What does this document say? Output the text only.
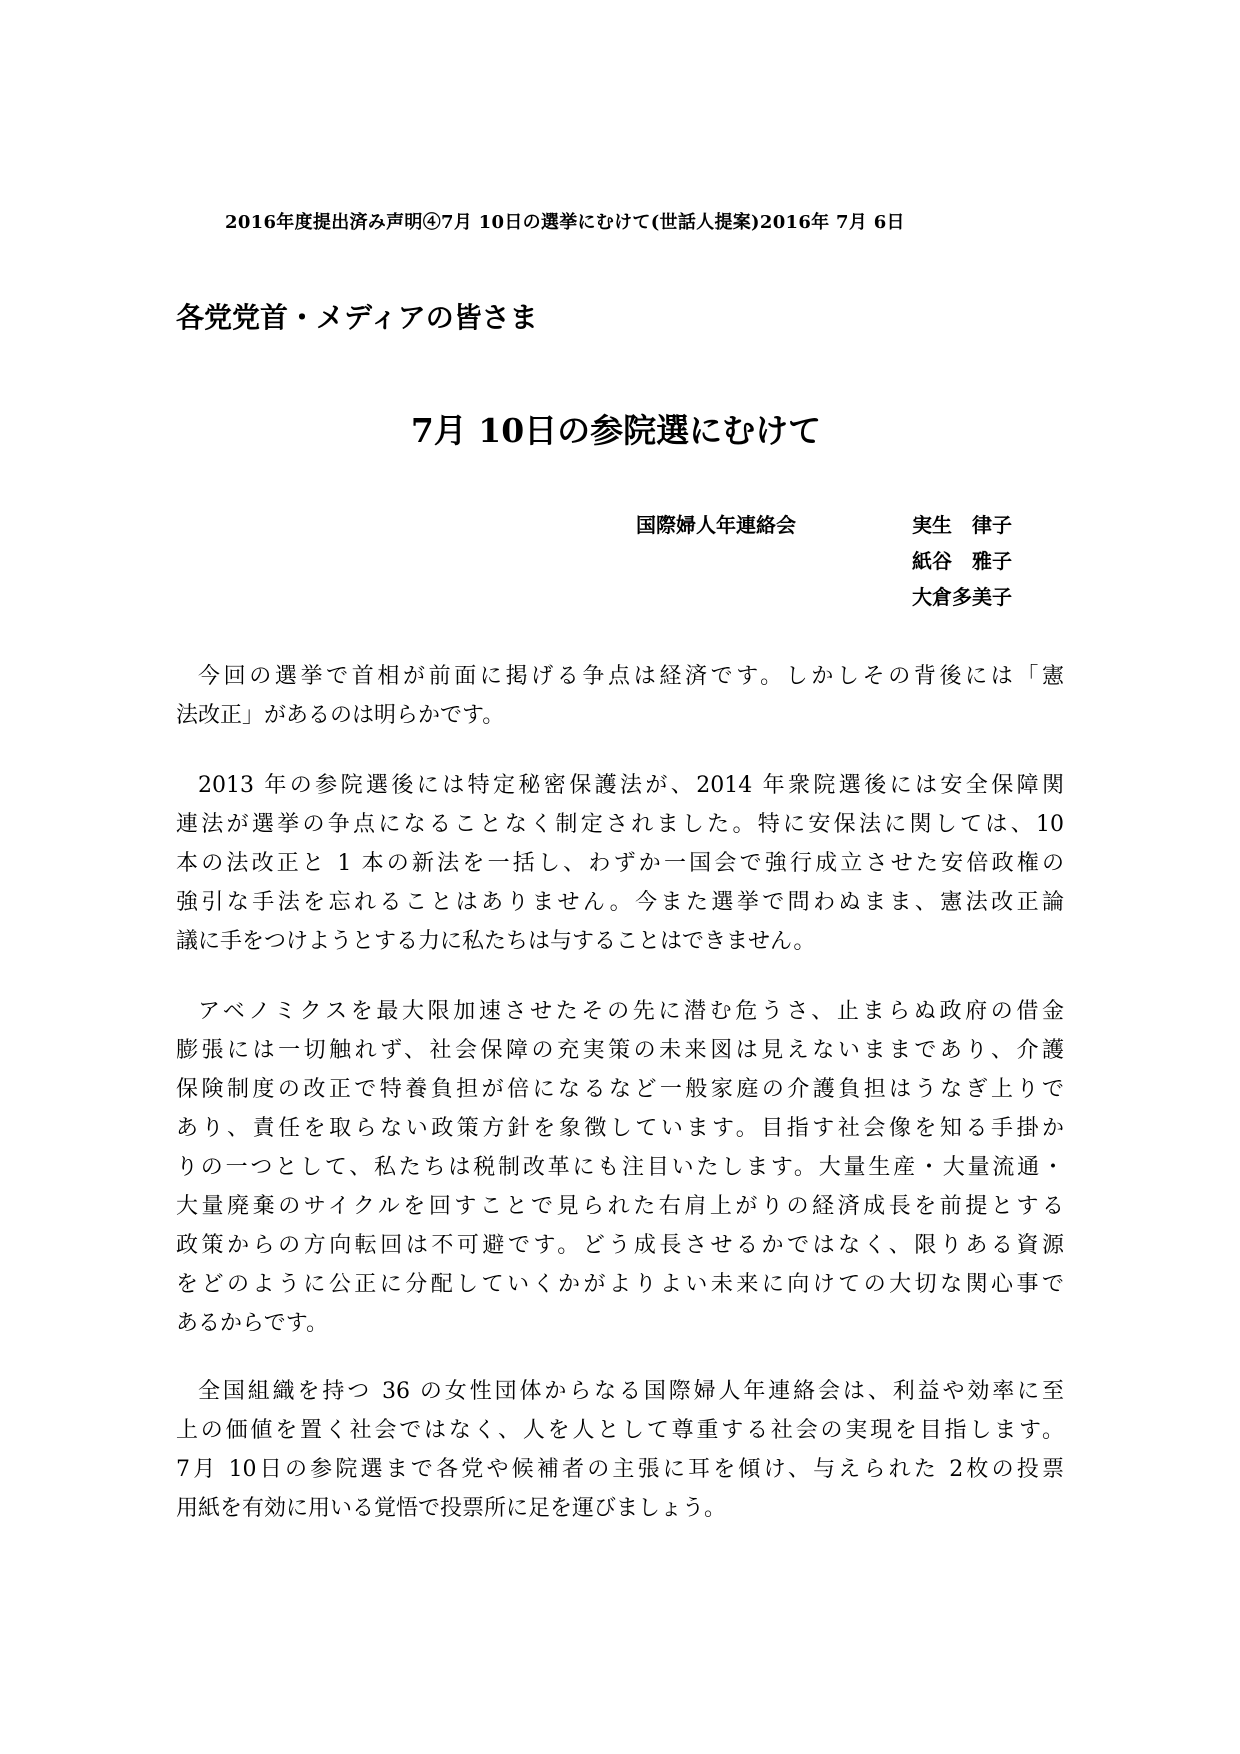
2016年度提出済み声明④7月 10日の選挙にむけて(世話人提案)2016年 7月 6日
各党党首・メディアの皆さま
7月 10日の参院選にむけて
国際婦人年連絡会	実生　律子
紙谷　雅子
大倉多美子
今回の選挙で首相が前面に掲げる争点は経済です。しかしその背後には「憲
法改正」があるのは明らかです。
2013 年の参院選後には特定秘密保護法が、2014 年衆院選後には安全保障関
連法が選挙の争点になることなく制定されました。特に安保法に関しては、10
本の法改正と 1 本の新法を一括し、わずか一国会で強行成立させた安倍政権の
強引な手法を忘れることはありません。今また選挙で問わぬまま、憲法改正論
議に手をつけようとする力に私たちは与することはできません。
アベノミクスを最大限加速させたその先に潜む危うさ、止まらぬ政府の借金
膨張には一切触れず、社会保障の充実策の未来図は見えないままであり、介護
保険制度の改正で特養負担が倍になるなど一般家庭の介護負担はうなぎ上りで
あり、責任を取らない政策方針を象徴しています。目指す社会像を知る手掛か
りの一つとして、私たちは税制改革にも注目いたします。大量生産・大量流通・
大量廃棄のサイクルを回すことで見られた右肩上がりの経済成長を前提とする
政策からの方向転回は不可避です。どう成長させるかではなく、限りある資源
をどのように公正に分配していくかがよりよい未来に向けての大切な関心事で
あるからです。
全国組織を持つ 36 の女性団体からなる国際婦人年連絡会は、利益や効率に至
上の価値を置く社会ではなく、人を人として尊重する社会の実現を目指します。
7月 10日の参院選まで各党や候補者の主張に耳を傾け、与えられた 2枚の投票
用紙を有効に用いる覚悟で投票所に足を運びましょう。
